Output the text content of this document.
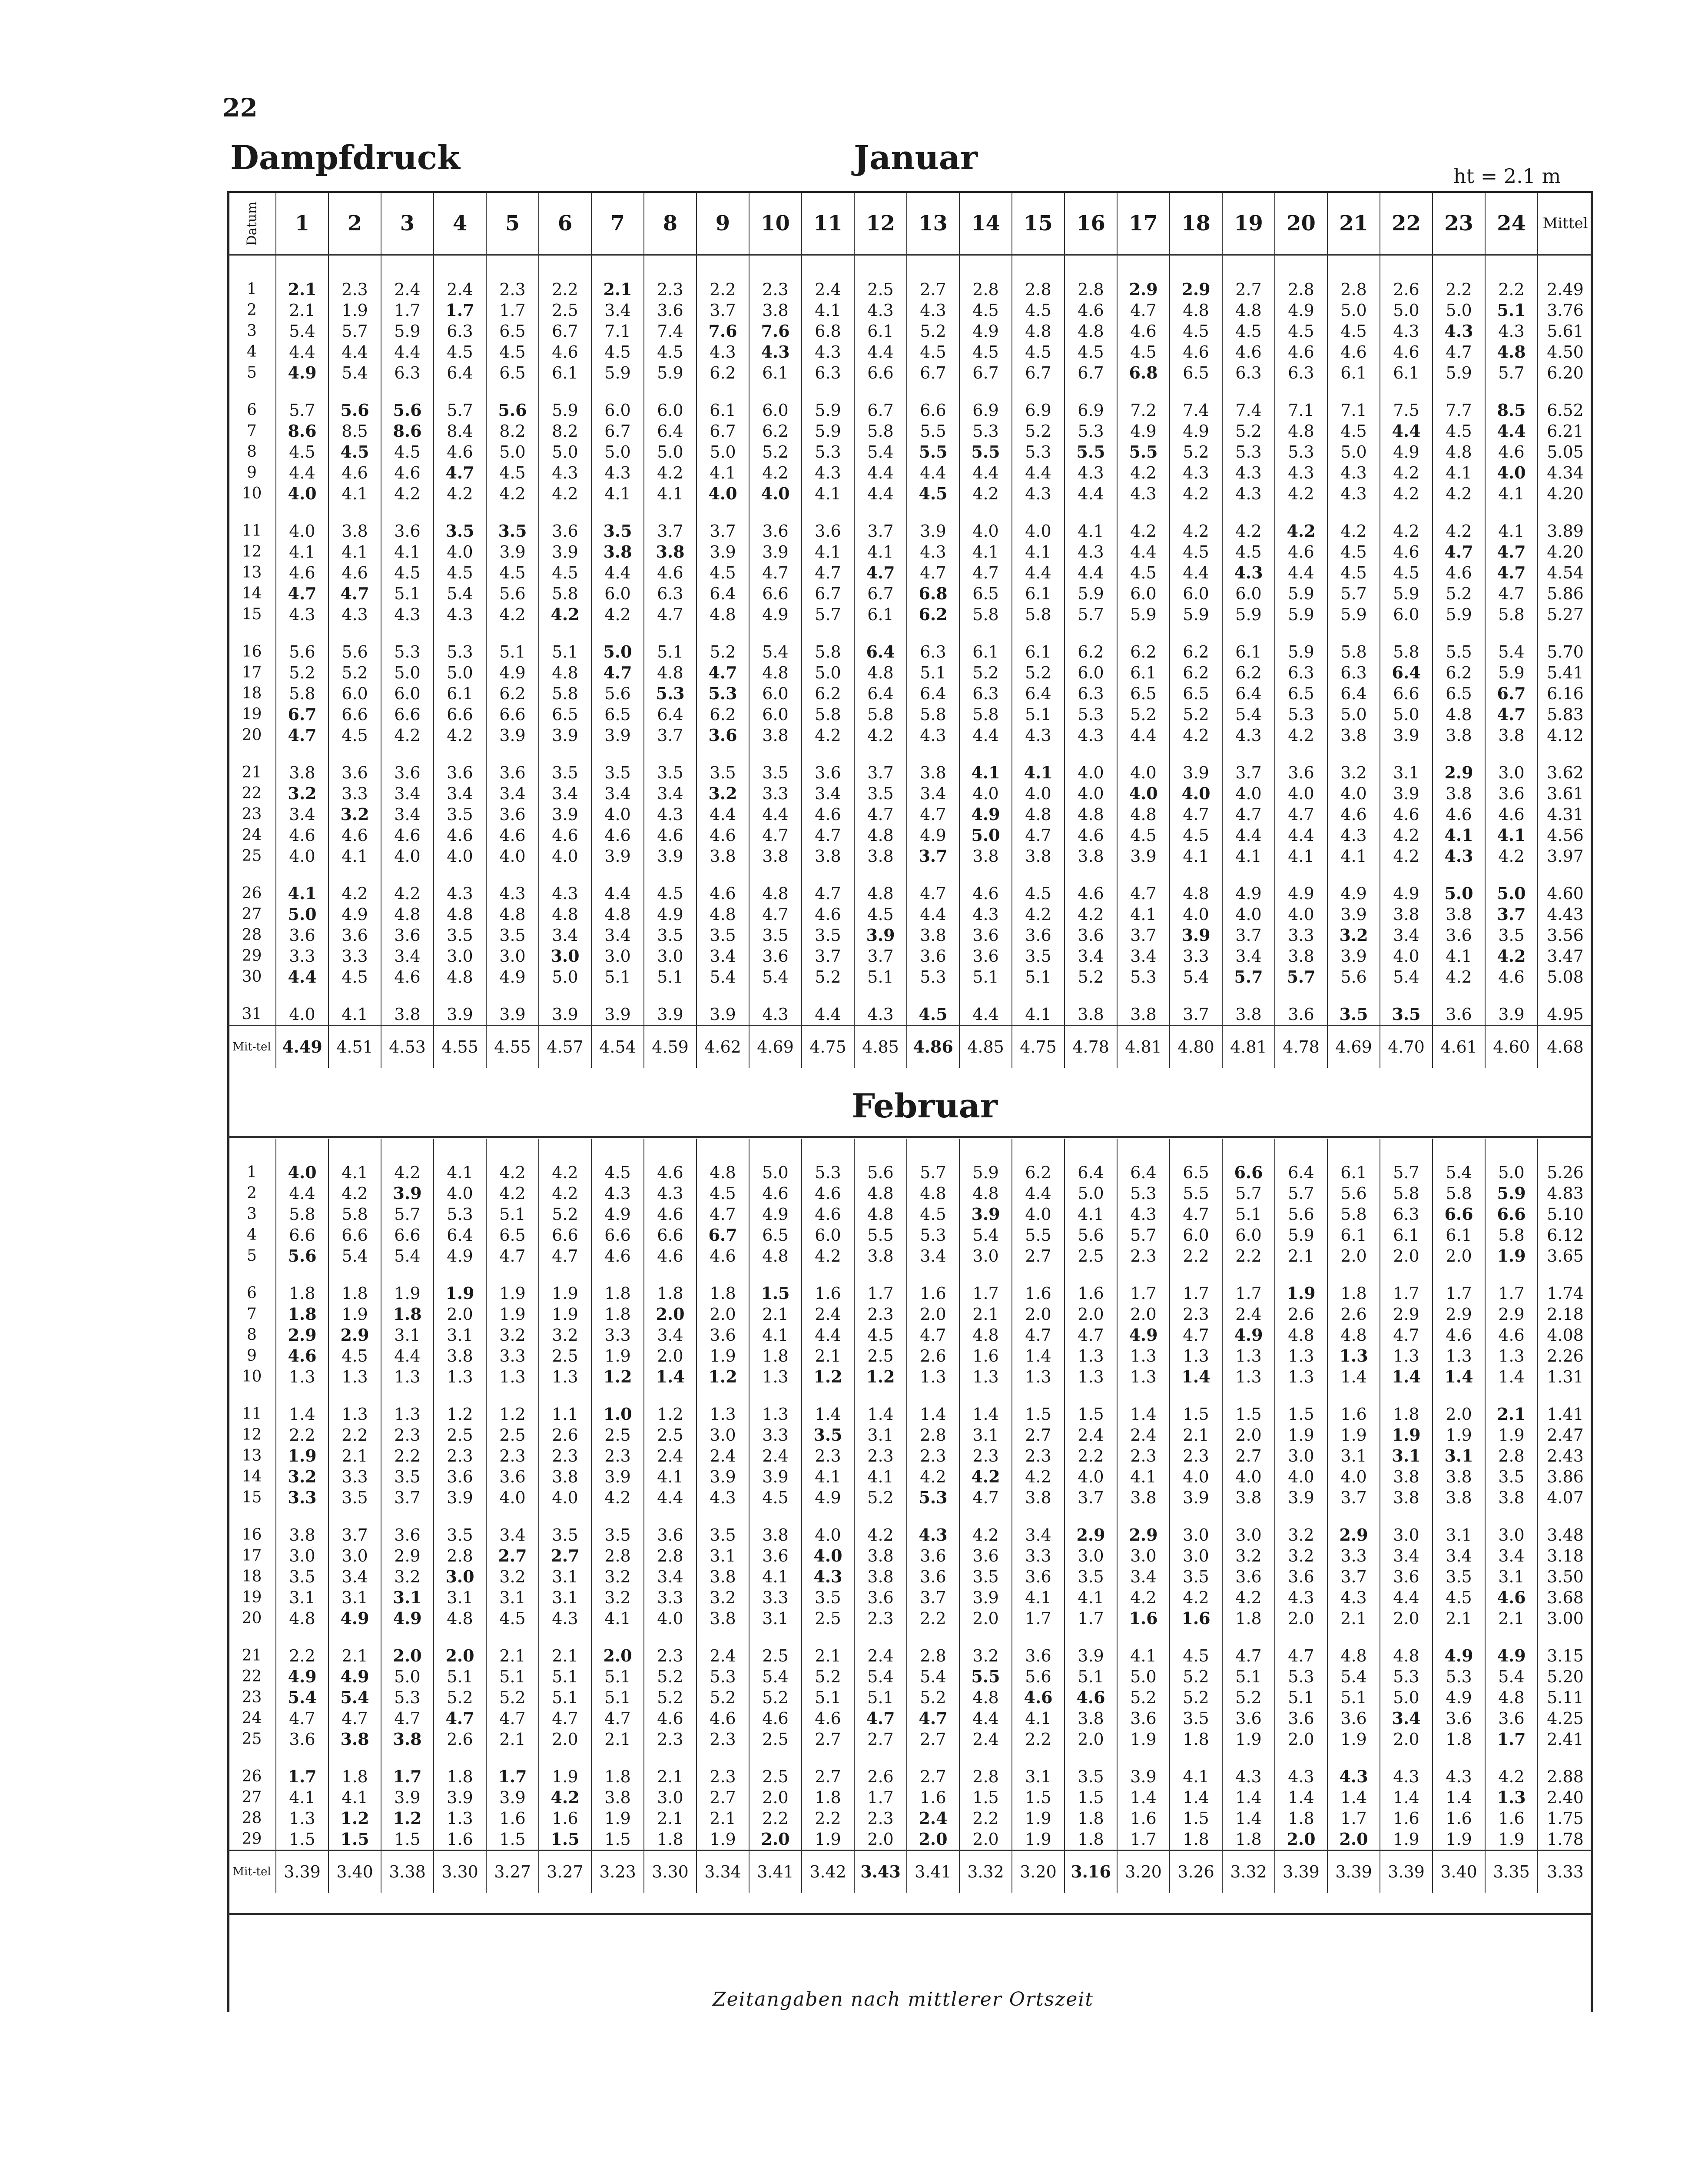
22
Dampfdruck	Januar	ht = 2.1 m
Datum	1	2	3	4	5	6	7	8	9	10	11	12	13	14	15	16	17	18	19	20	21	22	23	24	Mittel
1	2.1	2.3	2.4	2.4	2.3	2.2	2.1	2.3	2.2	2.3	2.4	2.5	2.7	2.8	2.8	2.8	2.9	2.9	2.7	2.8	2.8	2.6	2.2	2.2	2.49
2	2.1	1.9	1.7	1.7	1.7	2.5	3.4	3.6	3.7	3.8	4.1	4.3	4.3	4.5	4.5	4.6	4.7	4.8	4.8	4.9	5.0	5.0	5.0	5.1	3.76
3	5.4	5.7	5.9	6.3	6.5	6.7	7.1	7.4	7.6	7.6	6.8	6.1	5.2	4.9	4.8	4.8	4.6	4.5	4.5	4.5	4.5	4.3	4.3	4.3	5.61
4	4.4	4.4	4.4	4.5	4.5	4.6	4.5	4.5	4.3	4.3	4.3	4.4	4.5	4.5	4.5	4.5	4.5	4.6	4.6	4.6	4.6	4.6	4.7	4.8	4.50
5	4.9	5.4	6.3	6.4	6.5	6.1	5.9	5.9	6.2	6.1	6.3	6.6	6.7	6.7	6.7	6.7	6.8	6.5	6.3	6.3	6.1	6.1	5.9	5.7	6.20
6	5.7	5.6	5.6	5.7	5.6	5.9	6.0	6.0	6.1	6.0	5.9	6.7	6.6	6.9	6.9	6.9	7.2	7.4	7.4	7.1	7.1	7.5	7.7	8.5	6.52
7	8.6	8.5	8.6	8.4	8.2	8.2	6.7	6.4	6.7	6.2	5.9	5.8	5.5	5.3	5.2	5.3	4.9	4.9	5.2	4.8	4.5	4.4	4.5	4.4	6.21
8	4.5	4.5	4.5	4.6	5.0	5.0	5.0	5.0	5.0	5.2	5.3	5.4	5.5	5.5	5.3	5.5	5.5	5.2	5.3	5.3	5.0	4.9	4.8	4.6	5.05
9	4.4	4.6	4.6	4.7	4.5	4.3	4.3	4.2	4.1	4.2	4.3	4.4	4.4	4.4	4.4	4.3	4.2	4.3	4.3	4.3	4.3	4.2	4.1	4.0	4.34
10	4.0	4.1	4.2	4.2	4.2	4.2	4.1	4.1	4.0	4.0	4.1	4.4	4.5	4.2	4.3	4.4	4.3	4.2	4.3	4.2	4.3	4.2	4.2	4.1	4.20
11	4.0	3.8	3.6	3.5	3.5	3.6	3.5	3.7	3.7	3.6	3.6	3.7	3.9	4.0	4.0	4.1	4.2	4.2	4.2	4.2	4.2	4.2	4.2	4.1	3.89
12	4.1	4.1	4.1	4.0	3.9	3.9	3.8	3.8	3.9	3.9	4.1	4.1	4.3	4.1	4.1	4.3	4.4	4.5	4.5	4.6	4.5	4.6	4.7	4.7	4.20
13	4.6	4.6	4.5	4.5	4.5	4.5	4.4	4.6	4.5	4.7	4.7	4.7	4.7	4.7	4.4	4.4	4.5	4.4	4.3	4.4	4.5	4.5	4.6	4.7	4.54
14	4.7	4.7	5.1	5.4	5.6	5.8	6.0	6.3	6.4	6.6	6.7	6.7	6.8	6.5	6.1	5.9	6.0	6.0	6.0	5.9	5.7	5.9	5.2	4.7	5.86
15	4.3	4.3	4.3	4.3	4.2	4.2	4.2	4.7	4.8	4.9	5.7	6.1	6.2	5.8	5.8	5.7	5.9	5.9	5.9	5.9	5.9	6.0	5.9	5.8	5.27
16	5.6	5.6	5.3	5.3	5.1	5.1	5.0	5.1	5.2	5.4	5.8	6.4	6.3	6.1	6.1	6.2	6.2	6.2	6.1	5.9	5.8	5.8	5.5	5.4	5.70
17	5.2	5.2	5.0	5.0	4.9	4.8	4.7	4.8	4.7	4.8	5.0	4.8	5.1	5.2	5.2	6.0	6.1	6.2	6.2	6.3	6.3	6.4	6.2	5.9	5.41
18	5.8	6.0	6.0	6.1	6.2	5.8	5.6	5.3	5.3	6.0	6.2	6.4	6.4	6.3	6.4	6.3	6.5	6.5	6.4	6.5	6.4	6.6	6.5	6.7	6.16
19	6.7	6.6	6.6	6.6	6.6	6.5	6.5	6.4	6.2	6.0	5.8	5.8	5.8	5.8	5.1	5.3	5.2	5.2	5.4	5.3	5.0	5.0	4.8	4.7	5.83
20	4.7	4.5	4.2	4.2	3.9	3.9	3.9	3.7	3.6	3.8	4.2	4.2	4.3	4.4	4.3	4.3	4.4	4.2	4.3	4.2	3.8	3.9	3.8	3.8	4.12
21	3.8	3.6	3.6	3.6	3.6	3.5	3.5	3.5	3.5	3.5	3.6	3.7	3.8	4.1	4.1	4.0	4.0	3.9	3.7	3.6	3.2	3.1	2.9	3.0	3.62
22	3.2	3.3	3.4	3.4	3.4	3.4	3.4	3.4	3.2	3.3	3.4	3.5	3.4	4.0	4.0	4.0	4.0	4.0	4.0	4.0	4.0	3.9	3.8	3.6	3.61
23	3.4	3.2	3.4	3.5	3.6	3.9	4.0	4.3	4.4	4.4	4.6	4.7	4.7	4.9	4.8	4.8	4.8	4.7	4.7	4.7	4.6	4.6	4.6	4.6	4.31
24	4.6	4.6	4.6	4.6	4.6	4.6	4.6	4.6	4.6	4.7	4.7	4.8	4.9	5.0	4.7	4.6	4.5	4.5	4.4	4.4	4.3	4.2	4.1	4.1	4.56
25	4.0	4.1	4.0	4.0	4.0	4.0	3.9	3.9	3.8	3.8	3.8	3.8	3.7	3.8	3.8	3.8	3.9	4.1	4.1	4.1	4.1	4.2	4.3	4.2	3.97
26	4.1	4.2	4.2	4.3	4.3	4.3	4.4	4.5	4.6	4.8	4.7	4.8	4.7	4.6	4.5	4.6	4.7	4.8	4.9	4.9	4.9	4.9	5.0	5.0	4.60
27	5.0	4.9	4.8	4.8	4.8	4.8	4.8	4.9	4.8	4.7	4.6	4.5	4.4	4.3	4.2	4.2	4.1	4.0	4.0	4.0	3.9	3.8	3.8	3.7	4.43
28	3.6	3.6	3.6	3.5	3.5	3.4	3.4	3.5	3.5	3.5	3.5	3.9	3.8	3.6	3.6	3.6	3.7	3.9	3.7	3.3	3.2	3.4	3.6	3.5	3.56
29	3.3	3.3	3.4	3.0	3.0	3.0	3.0	3.0	3.4	3.6	3.7	3.7	3.6	3.6	3.5	3.4	3.4	3.3	3.4	3.8	3.9	4.0	4.1	4.2	3.47
30	4.4	4.5	4.6	4.8	4.9	5.0	5.1	5.1	5.4	5.4	5.2	5.1	5.3	5.1	5.1	5.2	5.3	5.4	5.7	5.7	5.6	5.4	4.2	4.6	5.08
31	4.0	4.1	3.8	3.9	3.9	3.9	3.9	3.9	3.9	4.3	4.4	4.3	4.5	4.4	4.1	3.8	3.8	3.7	3.8	3.6	3.5	3.5	3.6	3.9	4.95
Mit-tel	4.49	4.51	4.53	4.55	4.55	4.57	4.54	4.59	4.62	4.69	4.75	4.85	4.86	4.85	4.75	4.78	4.81	4.80	4.81	4.78	4.69	4.70	4.61	4.60	4.68
Februar
1	4.0	4.1	4.2	4.1	4.2	4.2	4.5	4.6	4.8	5.0	5.3	5.6	5.7	5.9	6.2	6.4	6.4	6.5	6.6	6.4	6.1	5.7	5.4	5.0	5.26
2	4.4	4.2	3.9	4.0	4.2	4.2	4.3	4.3	4.5	4.6	4.6	4.8	4.8	4.8	4.4	5.0	5.3	5.5	5.7	5.7	5.6	5.8	5.8	5.9	4.83
3	5.8	5.8	5.7	5.3	5.1	5.2	4.9	4.6	4.7	4.9	4.6	4.8	4.5	3.9	4.0	4.1	4.3	4.7	5.1	5.6	5.8	6.3	6.6	6.6	5.10
4	6.6	6.6	6.6	6.4	6.5	6.6	6.6	6.6	6.7	6.5	6.0	5.5	5.3	5.4	5.5	5.6	5.7	6.0	6.0	5.9	6.1	6.1	6.1	5.8	6.12
5	5.6	5.4	5.4	4.9	4.7	4.7	4.6	4.6	4.6	4.8	4.2	3.8	3.4	3.0	2.7	2.5	2.3	2.2	2.2	2.1	2.0	2.0	2.0	1.9	3.65
6	1.8	1.8	1.9	1.9	1.9	1.9	1.8	1.8	1.8	1.5	1.6	1.7	1.6	1.7	1.6	1.6	1.7	1.7	1.7	1.9	1.8	1.7	1.7	1.7	1.74
7	1.8	1.9	1.8	2.0	1.9	1.9	1.8	2.0	2.0	2.1	2.4	2.3	2.0	2.1	2.0	2.0	2.0	2.3	2.4	2.6	2.6	2.9	2.9	2.9	2.18
8	2.9	2.9	3.1	3.1	3.2	3.2	3.3	3.4	3.6	4.1	4.4	4.5	4.7	4.8	4.7	4.7	4.9	4.7	4.9	4.8	4.8	4.7	4.6	4.6	4.08
9	4.6	4.5	4.4	3.8	3.3	2.5	1.9	2.0	1.9	1.8	2.1	2.5	2.6	1.6	1.4	1.3	1.3	1.3	1.3	1.3	1.3	1.3	1.3	1.3	2.26
10	1.3	1.3	1.3	1.3	1.3	1.3	1.2	1.4	1.2	1.3	1.2	1.2	1.3	1.3	1.3	1.3	1.3	1.4	1.3	1.3	1.4	1.4	1.4	1.4	1.31
11	1.4	1.3	1.3	1.2	1.2	1.1	1.0	1.2	1.3	1.3	1.4	1.4	1.4	1.4	1.5	1.5	1.4	1.5	1.5	1.5	1.6	1.8	2.0	2.1	1.41
12	2.2	2.2	2.3	2.5	2.5	2.6	2.5	2.5	3.0	3.3	3.5	3.1	2.8	3.1	2.7	2.4	2.4	2.1	2.0	1.9	1.9	1.9	1.9	1.9	2.47
13	1.9	2.1	2.2	2.3	2.3	2.3	2.3	2.4	2.4	2.4	2.3	2.3	2.3	2.3	2.3	2.2	2.3	2.3	2.7	3.0	3.1	3.1	3.1	2.8	2.43
14	3.2	3.3	3.5	3.6	3.6	3.8	3.9	4.1	3.9	3.9	4.1	4.1	4.2	4.2	4.2	4.0	4.1	4.0	4.0	4.0	4.0	3.8	3.8	3.5	3.86
15	3.3	3.5	3.7	3.9	4.0	4.0	4.2	4.4	4.3	4.5	4.9	5.2	5.3	4.7	3.8	3.7	3.8	3.9	3.8	3.9	3.7	3.8	3.8	3.8	4.07
16	3.8	3.7	3.6	3.5	3.4	3.5	3.5	3.6	3.5	3.8	4.0	4.2	4.3	4.2	3.4	2.9	2.9	3.0	3.0	3.2	2.9	3.0	3.1	3.0	3.48
17	3.0	3.0	2.9	2.8	2.7	2.7	2.8	2.8	3.1	3.6	4.0	3.8	3.6	3.6	3.3	3.0	3.0	3.0	3.2	3.2	3.3	3.4	3.4	3.4	3.18
18	3.5	3.4	3.2	3.0	3.2	3.1	3.2	3.4	3.8	4.1	4.3	3.8	3.6	3.5	3.6	3.5	3.4	3.5	3.6	3.6	3.7	3.6	3.5	3.1	3.50
19	3.1	3.1	3.1	3.1	3.1	3.1	3.2	3.3	3.2	3.3	3.5	3.6	3.7	3.9	4.1	4.1	4.2	4.2	4.2	4.3	4.3	4.4	4.5	4.6	3.68
20	4.8	4.9	4.9	4.8	4.5	4.3	4.1	4.0	3.8	3.1	2.5	2.3	2.2	2.0	1.7	1.7	1.6	1.6	1.8	2.0	2.1	2.0	2.1	2.1	3.00
21	2.2	2.1	2.0	2.0	2.1	2.1	2.0	2.3	2.4	2.5	2.1	2.4	2.8	3.2	3.6	3.9	4.1	4.5	4.7	4.7	4.8	4.8	4.9	4.9	3.15
22	4.9	4.9	5.0	5.1	5.1	5.1	5.1	5.2	5.3	5.4	5.2	5.4	5.4	5.5	5.6	5.1	5.0	5.2	5.1	5.3	5.4	5.3	5.3	5.4	5.20
23	5.4	5.4	5.3	5.2	5.2	5.1	5.1	5.2	5.2	5.2	5.1	5.1	5.2	4.8	4.6	4.6	5.2	5.2	5.2	5.1	5.1	5.0	4.9	4.8	5.11
24	4.7	4.7	4.7	4.7	4.7	4.7	4.7	4.6	4.6	4.6	4.6	4.7	4.7	4.4	4.1	3.8	3.6	3.5	3.6	3.6	3.6	3.4	3.6	3.6	4.25
25	3.6	3.8	3.8	2.6	2.1	2.0	2.1	2.3	2.3	2.5	2.7	2.7	2.7	2.4	2.2	2.0	1.9	1.8	1.9	2.0	1.9	2.0	1.8	1.7	2.41
26	1.7	1.8	1.7	1.8	1.7	1.9	1.8	2.1	2.3	2.5	2.7	2.6	2.7	2.8	3.1	3.5	3.9	4.1	4.3	4.3	4.3	4.3	4.3	4.2	2.88
27	4.1	4.1	3.9	3.9	3.9	4.2	3.8	3.0	2.7	2.0	1.8	1.7	1.6	1.5	1.5	1.5	1.4	1.4	1.4	1.4	1.4	1.4	1.4	1.3	2.40
28	1.3	1.2	1.2	1.3	1.6	1.6	1.9	2.1	2.1	2.2	2.2	2.3	2.4	2.2	1.9	1.8	1.6	1.5	1.4	1.8	1.7	1.6	1.6	1.6	1.75
29	1.5	1.5	1.5	1.6	1.5	1.5	1.5	1.8	1.9	2.0	1.9	2.0	2.0	2.0	1.9	1.8	1.7	1.8	1.8	2.0	2.0	1.9	1.9	1.9	1.78
Mit-tel	3.39	3.40	3.38	3.30	3.27	3.27	3.23	3.30	3.34	3.41	3.42	3.43	3.41	3.32	3.20	3.16	3.20	3.26	3.32	3.39	3.39	3.39	3.40	3.35	3.33
Zeitangaben nach mittlerer Ortszeit
